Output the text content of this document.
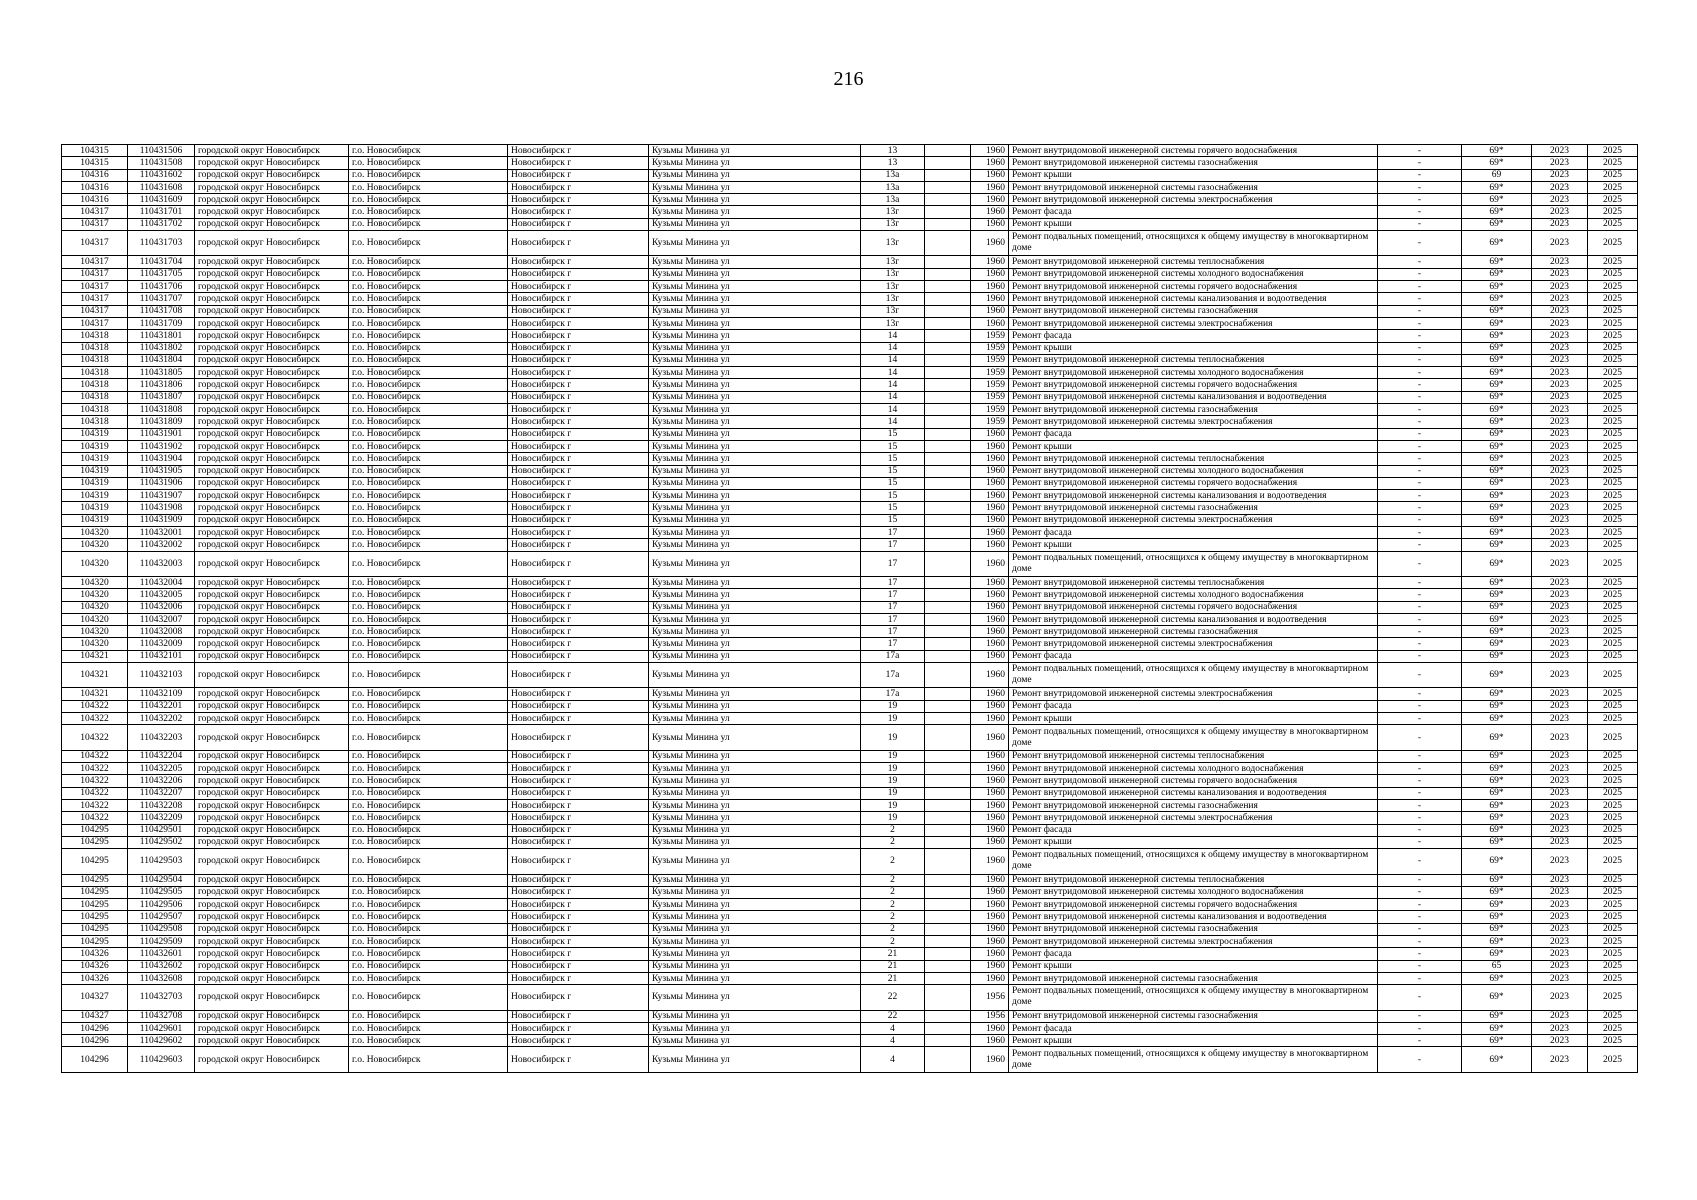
216
104315	110431506	городской округ Новосибирск	г.о. Новосибирск	Новосибирск г	Кузьмы Минина ул	13		1960	Ремонт внутридомовой инженерной системы горячего водоснабжения	-	69*	2023	2025
104315	110431508	городской округ Новосибирск	г.о. Новосибирск	Новосибирск г	Кузьмы Минина ул	13		1960	Ремонт внутридомовой инженерной системы газоснабжения	-	69*	2023	2025
104316	110431602	городской округ Новосибирск	г.о. Новосибирск	Новосибирск г	Кузьмы Минина ул	13а		1960	Ремонт крыши	-	69	2023	2025
104316	110431608	городской округ Новосибирск	г.о. Новосибирск	Новосибирск г	Кузьмы Минина ул	13а		1960	Ремонт внутридомовой инженерной системы газоснабжения	-	69*	2023	2025
104316	110431609	городской округ Новосибирск	г.о. Новосибирск	Новосибирск г	Кузьмы Минина ул	13а		1960	Ремонт внутридомовой инженерной системы электроснабжения	-	69*	2023	2025
104317	110431701	городской округ Новосибирск	г.о. Новосибирск	Новосибирск г	Кузьмы Минина ул	13г		1960	Ремонт фасада	-	69*	2023	2025
104317	110431702	городской округ Новосибирск	г.о. Новосибирск	Новосибирск г	Кузьмы Минина ул	13г		1960	Ремонт крыши	-	69*	2023	2025
104317	110431703	городской округ Новосибирск	г.о. Новосибирск	Новосибирск г	Кузьмы Минина ул	13г		1960	Ремонт подвальных помещений, относящихся к общему имуществу в многоквартирном доме	-	69*	2023	2025
104317	110431704	городской округ Новосибирск	г.о. Новосибирск	Новосибирск г	Кузьмы Минина ул	13г		1960	Ремонт внутридомовой инженерной системы теплоснабжения	-	69*	2023	2025
104317	110431705	городской округ Новосибирск	г.о. Новосибирск	Новосибирск г	Кузьмы Минина ул	13г		1960	Ремонт внутридомовой инженерной системы холодного водоснабжения	-	69*	2023	2025
104317	110431706	городской округ Новосибирск	г.о. Новосибирск	Новосибирск г	Кузьмы Минина ул	13г		1960	Ремонт внутридомовой инженерной системы горячего водоснабжения	-	69*	2023	2025
104317	110431707	городской округ Новосибирск	г.о. Новосибирск	Новосибирск г	Кузьмы Минина ул	13г		1960	Ремонт внутридомовой инженерной системы канализования и водоотведения	-	69*	2023	2025
104317	110431708	городской округ Новосибирск	г.о. Новосибирск	Новосибирск г	Кузьмы Минина ул	13г		1960	Ремонт внутридомовой инженерной системы газоснабжения	-	69*	2023	2025
104317	110431709	городской округ Новосибирск	г.о. Новосибирск	Новосибирск г	Кузьмы Минина ул	13г		1960	Ремонт внутридомовой инженерной системы электроснабжения	-	69*	2023	2025
104318	110431801	городской округ Новосибирск	г.о. Новосибирск	Новосибирск г	Кузьмы Минина ул	14		1959	Ремонт фасада	-	69*	2023	2025
104318	110431802	городской округ Новосибирск	г.о. Новосибирск	Новосибирск г	Кузьмы Минина ул	14		1959	Ремонт крыши	-	69*	2023	2025
104318	110431804	городской округ Новосибирск	г.о. Новосибирск	Новосибирск г	Кузьмы Минина ул	14		1959	Ремонт внутридомовой инженерной системы теплоснабжения	-	69*	2023	2025
104318	110431805	городской округ Новосибирск	г.о. Новосибирск	Новосибирск г	Кузьмы Минина ул	14		1959	Ремонт внутридомовой инженерной системы холодного водоснабжения	-	69*	2023	2025
104318	110431806	городской округ Новосибирск	г.о. Новосибирск	Новосибирск г	Кузьмы Минина ул	14		1959	Ремонт внутридомовой инженерной системы горячего водоснабжения	-	69*	2023	2025
104318	110431807	городской округ Новосибирск	г.о. Новосибирск	Новосибирск г	Кузьмы Минина ул	14		1959	Ремонт внутридомовой инженерной системы канализования и водоотведения	-	69*	2023	2025
104318	110431808	городской округ Новосибирск	г.о. Новосибирск	Новосибирск г	Кузьмы Минина ул	14		1959	Ремонт внутридомовой инженерной системы газоснабжения	-	69*	2023	2025
104318	110431809	городской округ Новосибирск	г.о. Новосибирск	Новосибирск г	Кузьмы Минина ул	14		1959	Ремонт внутридомовой инженерной системы электроснабжения	-	69*	2023	2025
104319	110431901	городской округ Новосибирск	г.о. Новосибирск	Новосибирск г	Кузьмы Минина ул	15		1960	Ремонт фасада	-	69*	2023	2025
104319	110431902	городской округ Новосибирск	г.о. Новосибирск	Новосибирск г	Кузьмы Минина ул	15		1960	Ремонт крыши	-	69*	2023	2025
104319	110431904	городской округ Новосибирск	г.о. Новосибирск	Новосибирск г	Кузьмы Минина ул	15		1960	Ремонт внутридомовой инженерной системы теплоснабжения	-	69*	2023	2025
104319	110431905	городской округ Новосибирск	г.о. Новосибирск	Новосибирск г	Кузьмы Минина ул	15		1960	Ремонт внутридомовой инженерной системы холодного водоснабжения	-	69*	2023	2025
104319	110431906	городской округ Новосибирск	г.о. Новосибирск	Новосибирск г	Кузьмы Минина ул	15		1960	Ремонт внутридомовой инженерной системы горячего водоснабжения	-	69*	2023	2025
104319	110431907	городской округ Новосибирск	г.о. Новосибирск	Новосибирск г	Кузьмы Минина ул	15		1960	Ремонт внутридомовой инженерной системы канализования и водоотведения	-	69*	2023	2025
104319	110431908	городской округ Новосибирск	г.о. Новосибирск	Новосибирск г	Кузьмы Минина ул	15		1960	Ремонт внутридомовой инженерной системы газоснабжения	-	69*	2023	2025
104319	110431909	городской округ Новосибирск	г.о. Новосибирск	Новосибирск г	Кузьмы Минина ул	15		1960	Ремонт внутридомовой инженерной системы электроснабжения	-	69*	2023	2025
104320	110432001	городской округ Новосибирск	г.о. Новосибирск	Новосибирск г	Кузьмы Минина ул	17		1960	Ремонт фасада	-	69*	2023	2025
104320	110432002	городской округ Новосибирск	г.о. Новосибирск	Новосибирск г	Кузьмы Минина ул	17		1960	Ремонт крыши	-	69*	2023	2025
104320	110432003	городской округ Новосибирск	г.о. Новосибирск	Новосибирск г	Кузьмы Минина ул	17		1960	Ремонт подвальных помещений, относящихся к общему имуществу в многоквартирном доме	-	69*	2023	2025
104320	110432004	городской округ Новосибирск	г.о. Новосибирск	Новосибирск г	Кузьмы Минина ул	17		1960	Ремонт внутридомовой инженерной системы теплоснабжения	-	69*	2023	2025
104320	110432005	городской округ Новосибирск	г.о. Новосибирск	Новосибирск г	Кузьмы Минина ул	17		1960	Ремонт внутридомовой инженерной системы холодного водоснабжения	-	69*	2023	2025
104320	110432006	городской округ Новосибирск	г.о. Новосибирск	Новосибирск г	Кузьмы Минина ул	17		1960	Ремонт внутридомовой инженерной системы горячего водоснабжения	-	69*	2023	2025
104320	110432007	городской округ Новосибирск	г.о. Новосибирск	Новосибирск г	Кузьмы Минина ул	17		1960	Ремонт внутридомовой инженерной системы канализования и водоотведения	-	69*	2023	2025
104320	110432008	городской округ Новосибирск	г.о. Новосибирск	Новосибирск г	Кузьмы Минина ул	17		1960	Ремонт внутридомовой инженерной системы газоснабжения	-	69*	2023	2025
104320	110432009	городской округ Новосибирск	г.о. Новосибирск	Новосибирск г	Кузьмы Минина ул	17		1960	Ремонт внутридомовой инженерной системы электроснабжения	-	69*	2023	2025
104321	110432101	городской округ Новосибирск	г.о. Новосибирск	Новосибирск г	Кузьмы Минина ул	17а		1960	Ремонт фасада	-	69*	2023	2025
104321	110432103	городской округ Новосибирск	г.о. Новосибирск	Новосибирск г	Кузьмы Минина ул	17а		1960	Ремонт подвальных помещений, относящихся к общему имуществу в многоквартирном доме	-	69*	2023	2025
104321	110432109	городской округ Новосибирск	г.о. Новосибирск	Новосибирск г	Кузьмы Минина ул	17а		1960	Ремонт внутридомовой инженерной системы электроснабжения	-	69*	2023	2025
104322	110432201	городской округ Новосибирск	г.о. Новосибирск	Новосибирск г	Кузьмы Минина ул	19		1960	Ремонт фасада	-	69*	2023	2025
104322	110432202	городской округ Новосибирск	г.о. Новосибирск	Новосибирск г	Кузьмы Минина ул	19		1960	Ремонт крыши	-	69*	2023	2025
104322	110432203	городской округ Новосибирск	г.о. Новосибирск	Новосибирск г	Кузьмы Минина ул	19		1960	Ремонт подвальных помещений, относящихся к общему имуществу в многоквартирном доме	-	69*	2023	2025
104322	110432204	городской округ Новосибирск	г.о. Новосибирск	Новосибирск г	Кузьмы Минина ул	19		1960	Ремонт внутридомовой инженерной системы теплоснабжения	-	69*	2023	2025
104322	110432205	городской округ Новосибирск	г.о. Новосибирск	Новосибирск г	Кузьмы Минина ул	19		1960	Ремонт внутридомовой инженерной системы холодного водоснабжения	-	69*	2023	2025
104322	110432206	городской округ Новосибирск	г.о. Новосибирск	Новосибирск г	Кузьмы Минина ул	19		1960	Ремонт внутридомовой инженерной системы горячего водоснабжения	-	69*	2023	2025
104322	110432207	городской округ Новосибирск	г.о. Новосибирск	Новосибирск г	Кузьмы Минина ул	19		1960	Ремонт внутридомовой инженерной системы канализования и водоотведения	-	69*	2023	2025
104322	110432208	городской округ Новосибирск	г.о. Новосибирск	Новосибирск г	Кузьмы Минина ул	19		1960	Ремонт внутридомовой инженерной системы газоснабжения	-	69*	2023	2025
104322	110432209	городской округ Новосибирск	г.о. Новосибирск	Новосибирск г	Кузьмы Минина ул	19		1960	Ремонт внутридомовой инженерной системы электроснабжения	-	69*	2023	2025
104295	110429501	городской округ Новосибирск	г.о. Новосибирск	Новосибирск г	Кузьмы Минина ул	2		1960	Ремонт фасада	-	69*	2023	2025
104295	110429502	городской округ Новосибирск	г.о. Новосибирск	Новосибирск г	Кузьмы Минина ул	2		1960	Ремонт крыши	-	69*	2023	2025
104295	110429503	городской округ Новосибирск	г.о. Новосибирск	Новосибирск г	Кузьмы Минина ул	2		1960	Ремонт подвальных помещений, относящихся к общему имуществу в многоквартирном доме	-	69*	2023	2025
104295	110429504	городской округ Новосибирск	г.о. Новосибирск	Новосибирск г	Кузьмы Минина ул	2		1960	Ремонт внутридомовой инженерной системы теплоснабжения	-	69*	2023	2025
104295	110429505	городской округ Новосибирск	г.о. Новосибирск	Новосибирск г	Кузьмы Минина ул	2		1960	Ремонт внутридомовой инженерной системы холодного водоснабжения	-	69*	2023	2025
104295	110429506	городской округ Новосибирск	г.о. Новосибирск	Новосибирск г	Кузьмы Минина ул	2		1960	Ремонт внутридомовой инженерной системы горячего водоснабжения	-	69*	2023	2025
104295	110429507	городской округ Новосибирск	г.о. Новосибирск	Новосибирск г	Кузьмы Минина ул	2		1960	Ремонт внутридомовой инженерной системы канализования и водоотведения	-	69*	2023	2025
104295	110429508	городской округ Новосибирск	г.о. Новосибирск	Новосибирск г	Кузьмы Минина ул	2		1960	Ремонт внутридомовой инженерной системы газоснабжения	-	69*	2023	2025
104295	110429509	городской округ Новосибирск	г.о. Новосибирск	Новосибирск г	Кузьмы Минина ул	2		1960	Ремонт внутридомовой инженерной системы электроснабжения	-	69*	2023	2025
104326	110432601	городской округ Новосибирск	г.о. Новосибирск	Новосибирск г	Кузьмы Минина ул	21		1960	Ремонт фасада	-	69*	2023	2025
104326	110432602	городской округ Новосибирск	г.о. Новосибирск	Новосибирск г	Кузьмы Минина ул	21		1960	Ремонт крыши	-	65	2023	2025
104326	110432608	городской округ Новосибирск	г.о. Новосибирск	Новосибирск г	Кузьмы Минина ул	21		1960	Ремонт внутридомовой инженерной системы газоснабжения	-	69*	2023	2025
104327	110432703	городской округ Новосибирск	г.о. Новосибирск	Новосибирск г	Кузьмы Минина ул	22		1956	Ремонт подвальных помещений, относящихся к общему имуществу в многоквартирном доме	-	69*	2023	2025
104327	110432708	городской округ Новосибирск	г.о. Новосибирск	Новосибирск г	Кузьмы Минина ул	22		1956	Ремонт внутридомовой инженерной системы газоснабжения	-	69*	2023	2025
104296	110429601	городской округ Новосибирск	г.о. Новосибирск	Новосибирск г	Кузьмы Минина ул	4		1960	Ремонт фасада	-	69*	2023	2025
104296	110429602	городской округ Новосибирск	г.о. Новосибирск	Новосибирск г	Кузьмы Минина ул	4		1960	Ремонт крыши	-	69*	2023	2025
104296	110429603	городской округ Новосибирск	г.о. Новосибирск	Новосибирск г	Кузьмы Минина ул	4		1960	Ремонт подвальных помещений, относящихся к общему имуществу в многоквартирном доме	-	69*	2023	2025
